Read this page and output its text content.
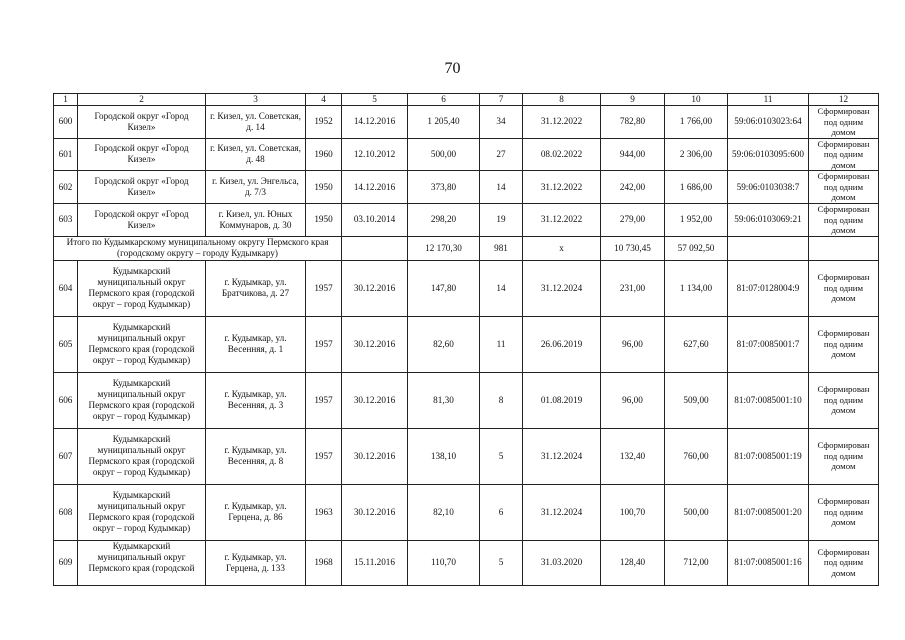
70
1	2	3	4	5	6	7	8	9	10	11	12
600	Городской округ «Город Кизел»	г. Кизел, ул. Советская, д. 14	1952	14.12.2016	1 205,40	34	31.12.2022	782,80	1 766,00	59:06:0103023:64	Сформирован под одним домом
601	Городской округ «Город Кизел»	г. Кизел, ул. Советская, д. 48	1960	12.10.2012	500,00	27	08.02.2022	944,00	2 306,00	59:06:0103095:600	Сформирован под одним домом
602	Городской округ «Город Кизел»	г. Кизел, ул. Энгельса, д. 7/3	1950	14.12.2016	373,80	14	31.12.2022	242,00	1 686,00	59:06:0103038:7	Сформирован под одним домом
603	Городской округ «Город Кизел»	г. Кизел, ул. Юных Коммунаров, д. 30	1950	03.10.2014	298,20	19	31.12.2022	279,00	1 952,00	59:06:0103069:21	Сформирован под одним домом
Итого по Кудымкарскому муниципальному округу Пермского края (городскому округу – городу Кудымкару)					12 170,30	981	x	10 730,45	57 092,50		
604	Кудымкарский муниципальный округ Пермского края (городской округ – город Кудымкар)	г. Кудымкар, ул. Братчикова, д. 27	1957	30.12.2016	147,80	14	31.12.2024	231,00	1 134,00	81:07:0128004:9	Сформирован под одним домом
605	Кудымкарский муниципальный округ Пермского края (городской округ – город Кудымкар)	г. Кудымкар, ул. Весенняя, д. 1	1957	30.12.2016	82,60	11	26.06.2019	96,00	627,60	81:07:0085001:7	Сформирован под одним домом
606	Кудымкарский муниципальный округ Пермского края (городской округ – город Кудымкар)	г. Кудымкар, ул. Весенняя, д. 3	1957	30.12.2016	81,30	8	01.08.2019	96,00	509,00	81:07:0085001:10	Сформирован под одним домом
607	Кудымкарский муниципальный округ Пермского края (городской округ – город Кудымкар)	г. Кудымкар, ул. Весенняя, д. 8	1957	30.12.2016	138,10	5	31.12.2024	132,40	760,00	81:07:0085001:19	Сформирован под одним домом
608	Кудымкарский муниципальный округ Пермского края (городской округ – город Кудымкар)	г. Кудымкар, ул. Герцена, д. 86	1963	30.12.2016	82,10	6	31.12.2024	100,70	500,00	81:07:0085001:20	Сформирован под одним домом
609	Кудымкарский муниципальный округ Пермского края (городской	г. Кудымкар, ул. Герцена, д. 133	1968	15.11.2016	110,70	5	31.03.2020	128,40	712,00	81:07:0085001:16	Сформирован под одним домом
